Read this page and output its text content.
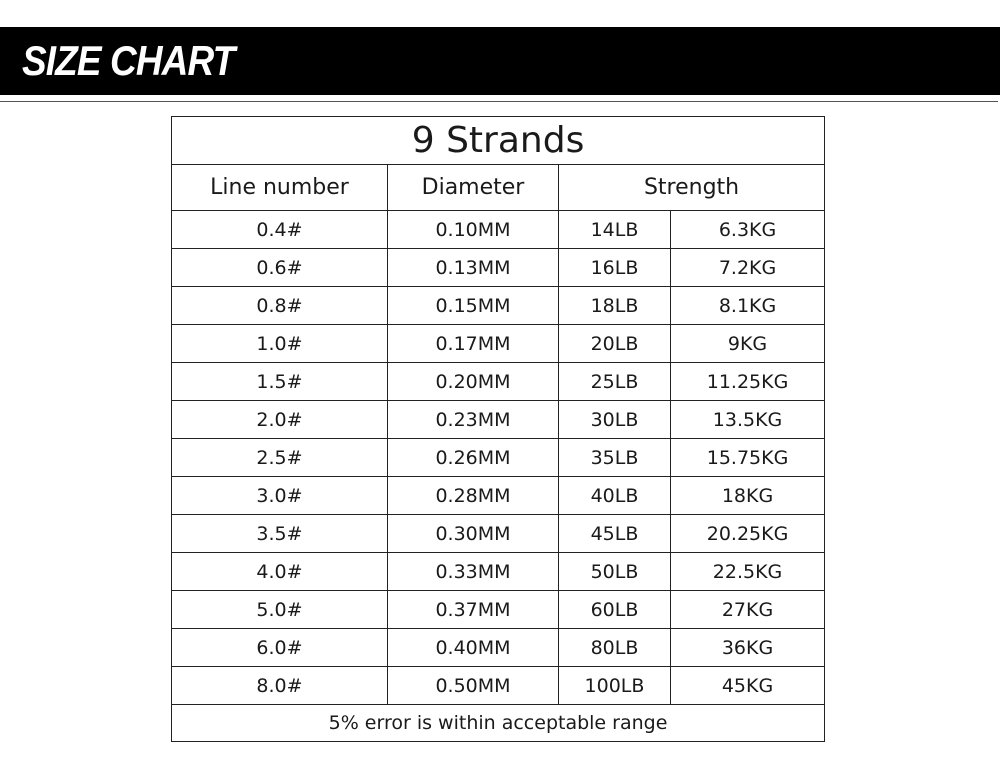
SIZE CHART
9 Strands			
Line number	Diameter	Strength	
0.4#	0.10MM	14LB	6.3KG
0.6#	0.13MM	16LB	7.2KG
0.8#	0.15MM	18LB	8.1KG
1.0#	0.17MM	20LB	9KG
1.5#	0.20MM	25LB	11.25KG
2.0#	0.23MM	30LB	13.5KG
2.5#	0.26MM	35LB	15.75KG
3.0#	0.28MM	40LB	18KG
3.5#	0.30MM	45LB	20.25KG
4.0#	0.33MM	50LB	22.5KG
5.0#	0.37MM	60LB	27KG
6.0#	0.40MM	80LB	36KG
8.0#	0.50MM	100LB	45KG
5% error is within acceptable range			
